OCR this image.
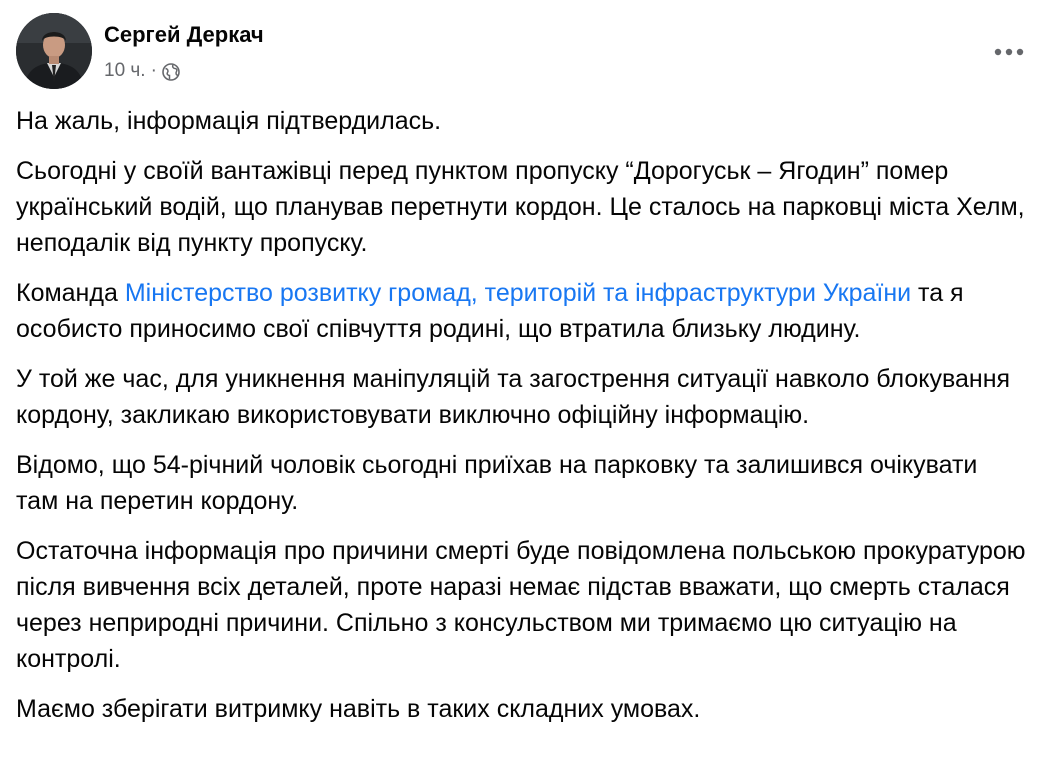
Сергей Деркач
10 ч. ·

На жаль, інформація підтвердилась.

Сьогодні у своїй вантажівці перед пунктом пропуску “Дорогуськ – Ягодин” помер український водій, що планував перетнути кордон. Це сталось на парковці міста Хелм, неподалік від пункту пропуску.

Команда Міністерство розвитку громад, територій та інфраструктури України та я особисто приносимо свої співчуття родині, що втратила близьку людину.

У той же час, для уникнення маніпуляцій та загострення ситуації навколо блокування кордону, закликаю використовувати виключно офіційну інформацію.

Відомо, що 54-річний чоловік сьогодні приїхав на парковку та залишився очікувати там на перетин кордону.

Остаточна інформація про причини смерті буде повідомлена польською прокуратурою після вивчення всіх деталей, проте наразі немає підстав вважати, що смерть сталася через неприродні причини. Спільно з консульством ми тримаємо цю ситуацію на контролі.

Маємо зберігати витримку навіть в таких складних умовах.
